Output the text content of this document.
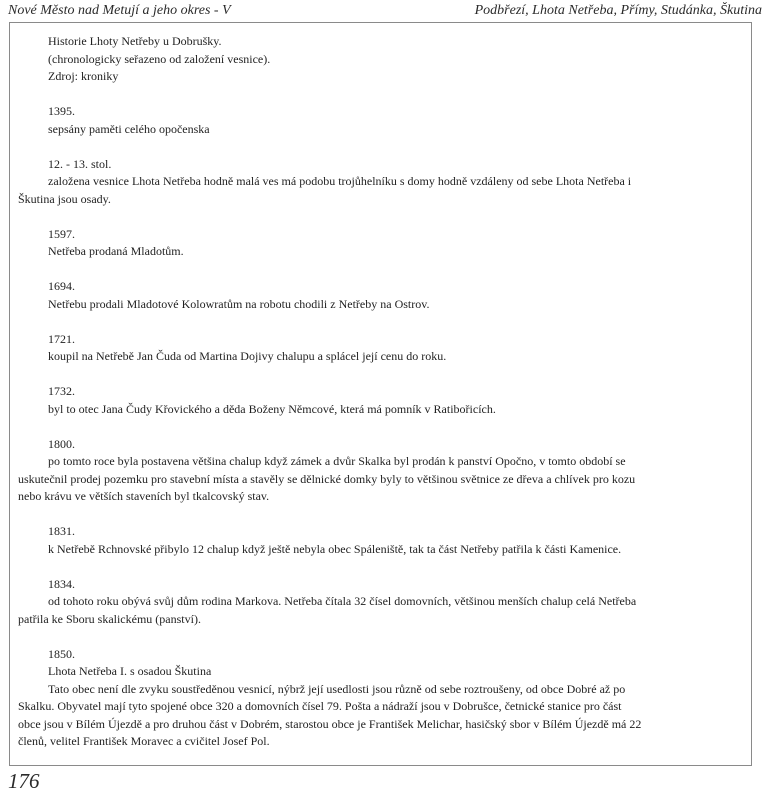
Nové Město nad Metují a jeho okres - V	Podbřezí, Lhota Netřeba, Přímy, Studánka, Škutina

Historie Lhoty Netřeby u Dobrušky.

(chronologicky seřazeno od založení vesnice).

Zdroj: kroniky

1395.

sepsány paměti celého opočenska

12. - 13. stol.

založena vesnice Lhota Netřeba hodně malá ves má podobu trojůhelníku s domy hodně vzdáleny od sebe Lhota Netřeba i Škutina jsou osady.

1597.

Netřeba prodaná Mladotům.

1694.

Netřebu prodali Mladotové Kolowratům na robotu chodili z Netřeby na Ostrov.

1721.

koupil na Netřebě Jan Čuda od Martina Dojivy chalupu a splácel její cenu do roku.

1732.

byl to otec Jana Čudy Křovického a děda Boženy Němcové, která má pomník v Ratibořicích.

1800.

po tomto roce byla postavena většina chalup když zámek a dvůr Skalka byl prodán k panství Opočno, v tomto období se uskutečnil prodej pozemku pro stavební místa a stavěly se dělnické domky byly to většinou světnice ze dřeva a chlívek pro kozu nebo krávu ve větších staveních byl tkalcovský stav.

1831.

k Netřebě Rchnovské přibylo 12 chalup když ještě nebyla obec Spáleniště, tak ta část Netřeby patřila k části Kamenice.

1834.

od tohoto roku obývá svůj dům rodina Markova. Netřeba čítala 32 čísel domovních, většinou menších chalup celá Netřeba patřila ke Sboru skalickému (panství).

1850.

Lhota Netřeba I. s osadou Škutina

Tato obec není dle zvyku soustředěnou vesnicí, nýbrž její usedlosti jsou různě od sebe roztroušeny, od obce Dobré až po Skalku. Obyvatel mají tyto spojené obce 320 a domovních čísel 79. Pošta a nádraží jsou v Dobrušce, četnické stanice pro část obce jsou v Bílém Újezdě a pro druhou část v Dobrém, starostou obce je František Melichar, hasičský sbor v Bílém Újezdě má 22 členů, velitel František Moravec a cvičitel Josef Pol.

176
